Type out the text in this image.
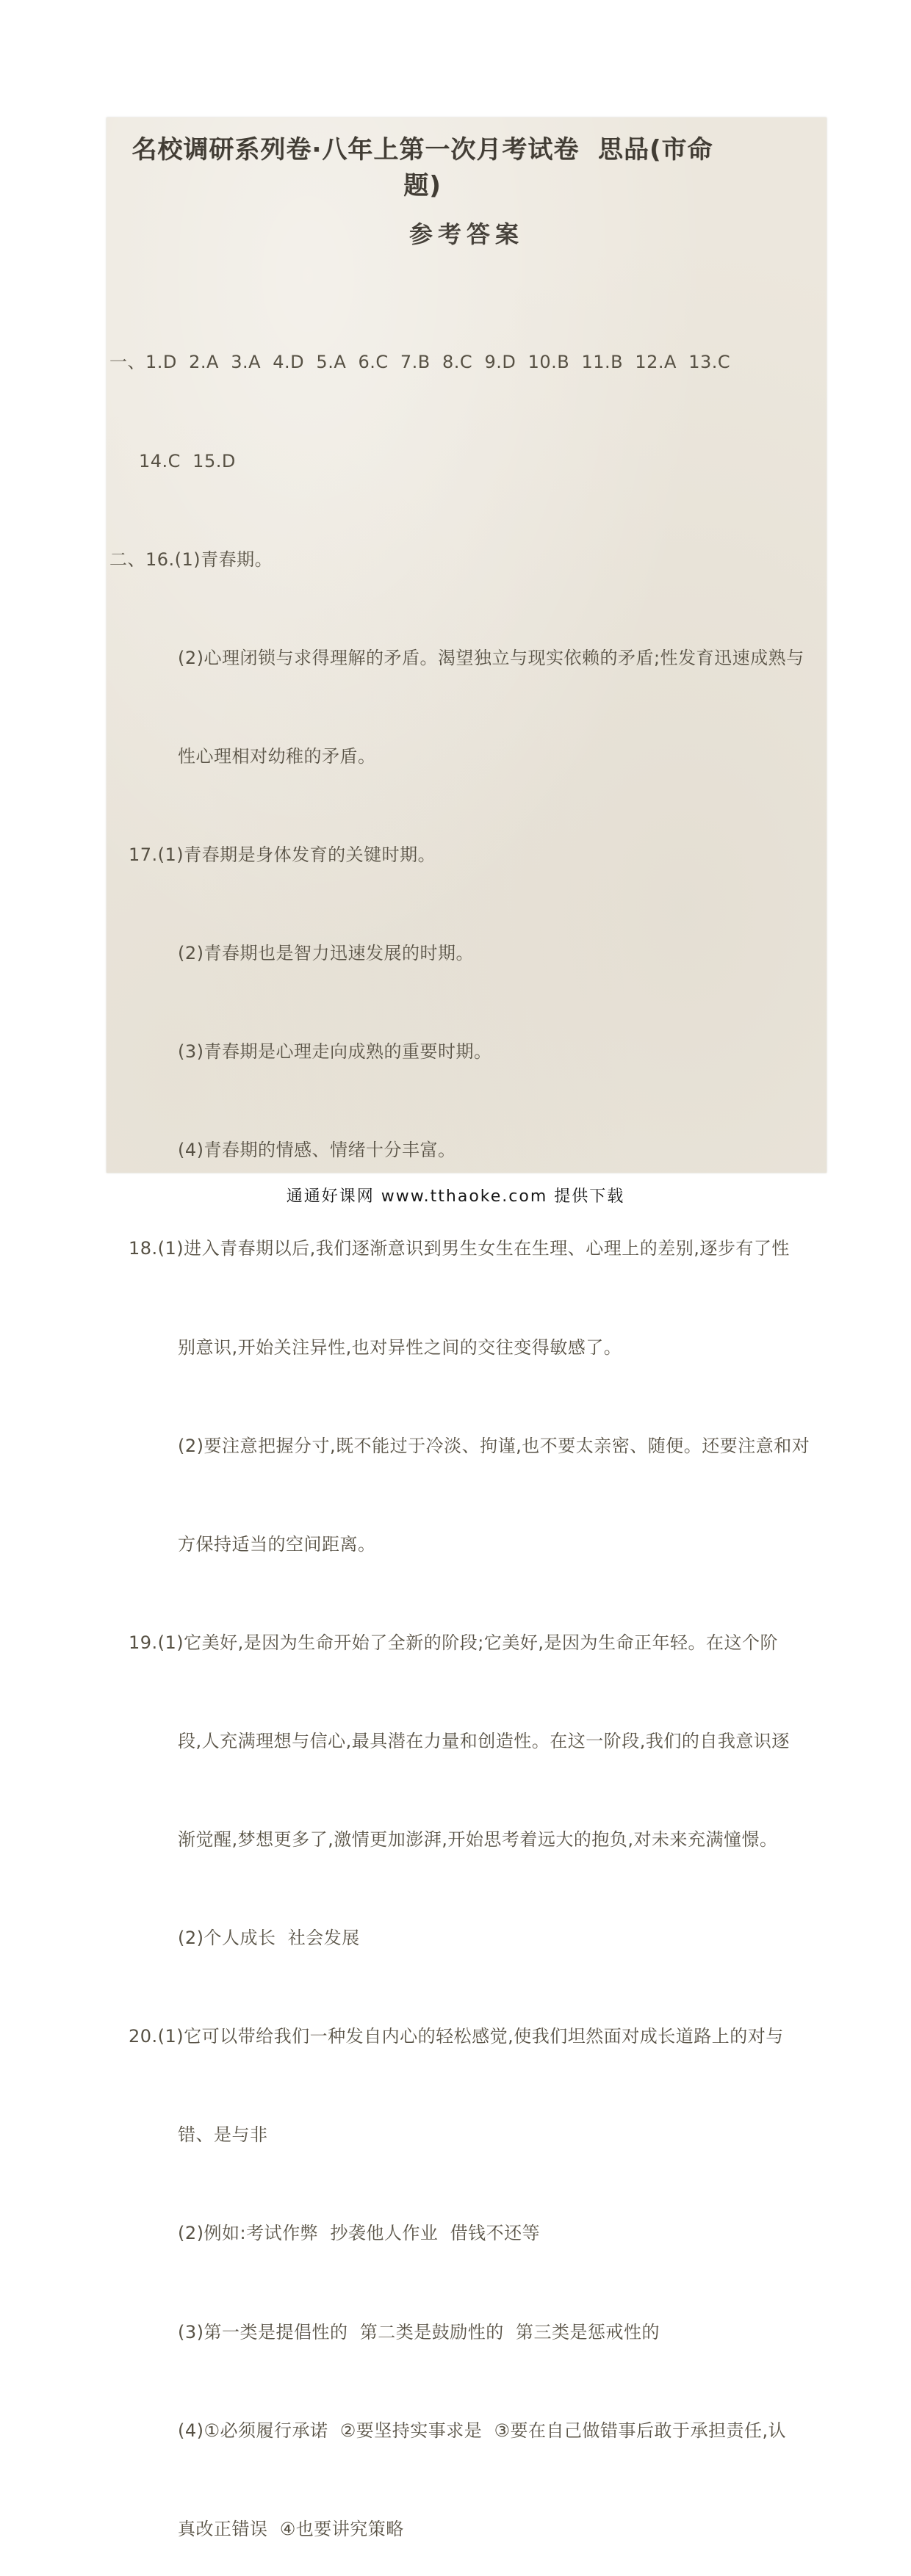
名校调研系列卷·八年上第一次月考试卷  思品(市命题)
参考答案

一、1.D  2.A  3.A  4.D  5.A  6.C  7.B  8.C  9.D  10.B  11.B  12.A  13.C

14.C  15.D

二、16.(1)青春期。

(2)心理闭锁与求得理解的矛盾。渴望独立与现实依赖的矛盾;性发育迅速成熟与

性心理相对幼稚的矛盾。

17.(1)青春期是身体发育的关键时期。

(2)青春期也是智力迅速发展的时期。

(3)青春期是心理走向成熟的重要时期。

(4)青春期的情感、情绪十分丰富。

18.(1)进入青春期以后,我们逐渐意识到男生女生在生理、心理上的差别,逐步有了性

别意识,开始关注异性,也对异性之间的交往变得敏感了。

(2)要注意把握分寸,既不能过于冷淡、拘谨,也不要太亲密、随便。还要注意和对

方保持适当的空间距离。

19.(1)它美好,是因为生命开始了全新的阶段;它美好,是因为生命正年轻。在这个阶

段,人充满理想与信心,最具潜在力量和创造性。在这一阶段,我们的自我意识逐

渐觉醒,梦想更多了,激情更加澎湃,开始思考着远大的抱负,对未来充满憧憬。

(2)个人成长  社会发展

20.(1)它可以带给我们一种发自内心的轻松感觉,使我们坦然面对成长道路上的对与

错、是与非

(2)例如:考试作弊  抄袭他人作业  借钱不还等

(3)第一类是提倡性的  第二类是鼓励性的  第三类是惩戒性的

(4)①必须履行承诺  ②要坚持实事求是  ③要在自己做错事后敢于承担责任,认

真改正错误  ④也要讲究策略

通通好课网 www.tthaoke.com 提供下载
